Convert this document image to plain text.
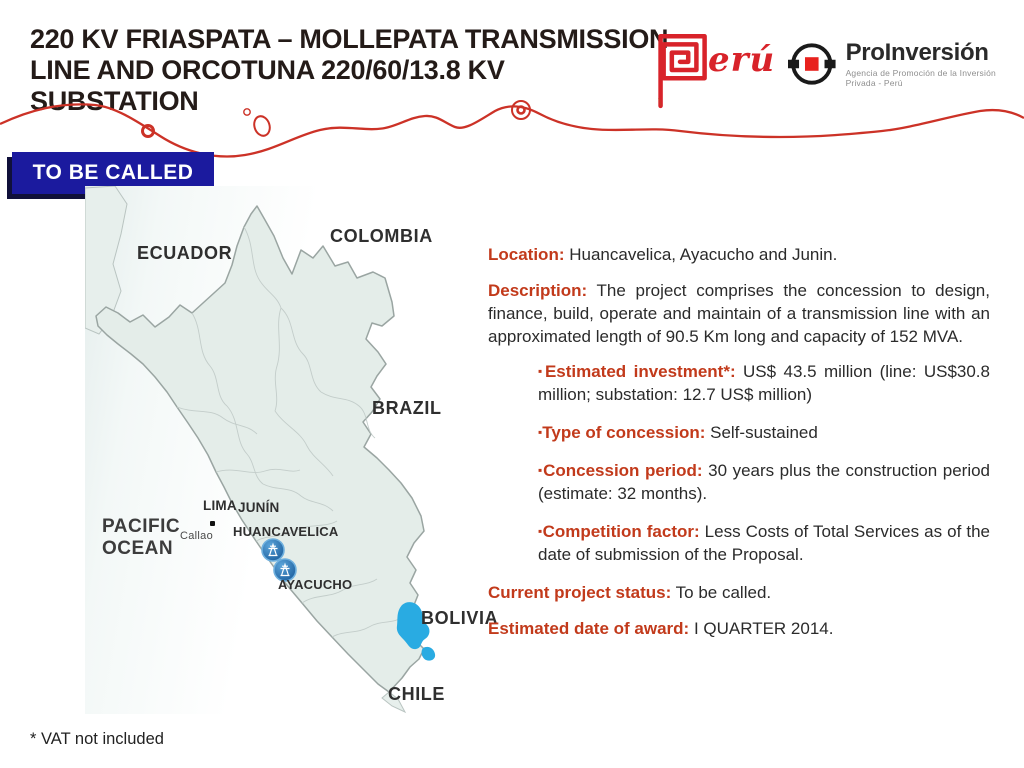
220 KV FRIASPATA – MOLLEPATA TRANSMISSION
LINE AND ORCOTUNA 220/60/13.8 KV SUBSTATION
erú	ProInversión
Agencia de Promoción de la Inversión Privada - Perú
TO BE CALLED
ECUADOR
COLOMBIA
BRAZIL
BOLIVIA
CHILE
PACIFIC
OCEAN
LIMA JUNÍN
Callao HUANCAVELICA
AYACUCHO

Location: Huancavelica, Ayacucho and Junin.

Description: The project comprises the concession to design, finance, build, operate and maintain of a transmission line with an approximated length of 90.5 Km long and capacity of 152 MVA.

▪Estimated investment*: US$ 43.5 million (line: US$30.8 million; substation: 12.7 US$ million)

▪Type of concession: Self-sustained

▪Concession period: 30 years plus the construction period (estimate: 32 months).

▪Competition factor: Less Costs of Total Services as of the date of submission of the Proposal.

Current project status: To be called.

Estimated date of award: I QUARTER 2014.

* VAT not included
